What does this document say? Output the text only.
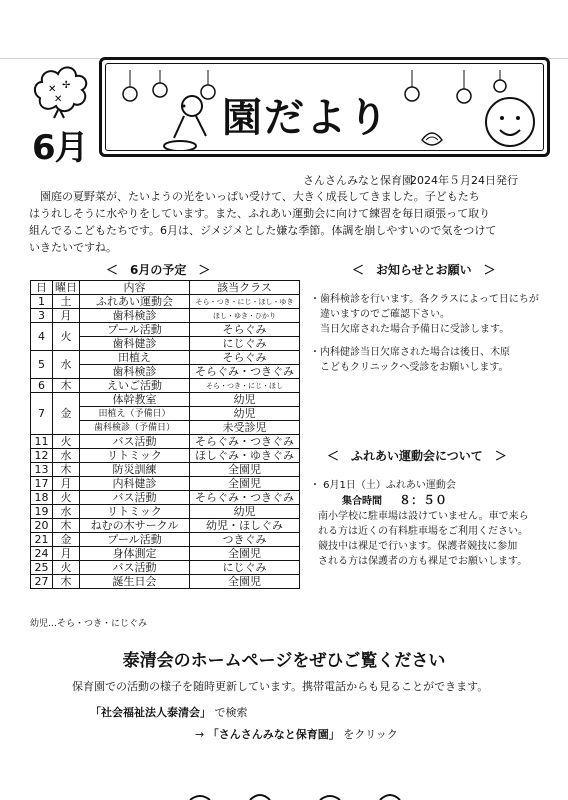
✕ ✢
✕
6月
園だより
さんさんみなと保育園
2024年５月24日発行
　園庭の夏野菜が、たいようの光をいっぱい受けて、大きく成長してきました。子どもたち
はうれしそうに水やりをしています。また、ふれあい運動会に向けて練習を毎日頑張って取り
組んでるこどもたちです。6月は、ジメジメとした嫌な季節。体調を崩しやすいので気をつけて
いきたいですね。
＜　6月の予定　＞
日	曜日	内容	該当クラス
1	土	ふれあい運動会	そら・つき・にじ・ほし・ゆき
3	月	歯科検診	ほし・ゆき・ひかり
4	火	プール活動	そらぐみ
		歯科健診	にじぐみ
5	水	田植え	そらぐみ
		歯科検診	そらぐみ・つきぐみ
6	木	えいご活動	そら・つき・にじ・ほし
7	金	体幹教室	幼児
		田植え（予備日）	幼児
		歯科検診（予備日）	未受診児
11	火	バス活動	そらぐみ・つきぐみ
12	水	リトミック	ほしぐみ・ゆきぐみ
13	木	防災訓練	全園児
17	月	内科健診	全園児
18	火	バス活動	そらぐみ・つきぐみ
19	水	リトミック	幼児
20	木	ねむの木サークル	幼児・ほしぐみ
21	金	プール活動	つきぐみ
24	月	身体測定	全園児
25	火	バス活動	にじぐみ
27	木	誕生日会	全園児
幼児…そら・つき・にじぐみ
＜　お知らせとお願い　＞

・歯科検診を行います。各クラスによって日にちが

　違いますのでご確認下さい。

　当日欠席された場合予備日に受診します。

・内科健診当日欠席された場合は後日、木原

　こどもクリニックへ受診をお願いします。

＜　ふれあい運動会について　＞

・ 6月1日（土）ふれあい運動会

集合時間 ８：５０

南小学校に駐車場は設けていません。車で来ら

れる方は近くの有料駐車場をご利用ください。

競技中は裸足で行います。保護者競技に参加

される方は保護者の方も裸足でお願いします。

泰清会のホームページをぜひご覧ください
保育園での活動の様子を随時更新しています。携帯電話からも見ることができます。
「社会福祉法人泰清会」 で検索
→ 「さんさんみなと保育園」 をクリック
